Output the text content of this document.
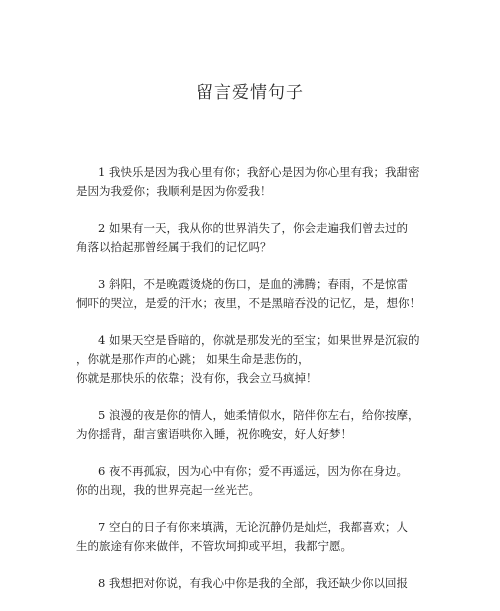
留言爱情句子
1 我快乐是因为我心里有你；我舒心是因为你心里有我；我甜密
是因为我爱你；我顺利是因为你爱我！
2 如果有一天，我从你的世界消失了，你会走遍我们曾去过的
角落以拾起那曾经属于我们的记忆吗？
3 斜阳，不是晚霞烫烧的伤口，是血的沸腾；春雨，不是惊雷
恫吓的哭泣，是爱的汗水；夜里，不是黑暗吞没的记忆，是，想你！
4 如果天空是昏暗的，你就是那发光的至宝；如果世界是沉寂的
，你就是那作声的心跳； 如果生命是悲伤的，
你就是那快乐的依靠；没有你，我会立马疯掉！
5 浪漫的夜是你的情人，她柔情似水，陪伴你左右，给你按摩，
为你揺背，甜言蜜语哄你入睡，祝你晚安，好人好梦！
6 夜不再孤寂，因为心中有你；爱不再遥远，因为你在身边。
你的出现，我的世界亮起一丝光芒。
7 空白的日子有你来填满，无论沉静仍是灿烂，我都喜欢；人
生的旅途有你来做伴，不管坎坷抑或平坦，我都宁愿。
8 我想把对你说，有我心中你是我的全部，我还缺少你以回报
